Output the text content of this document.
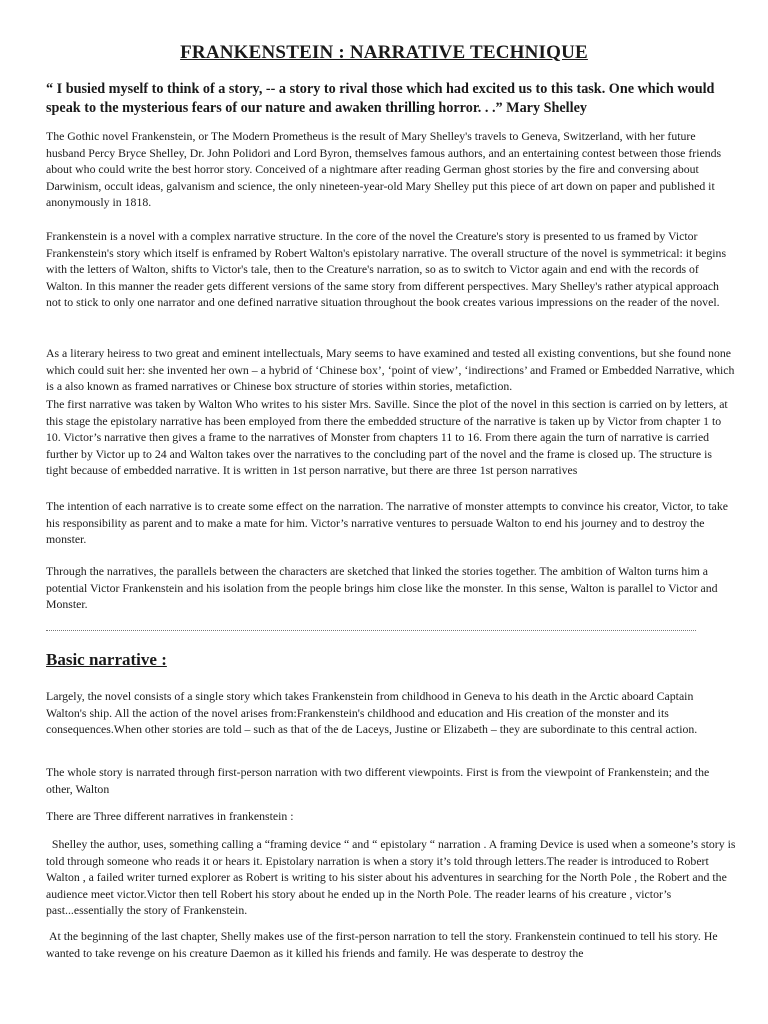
FRANKENSTEIN : NARRATIVE TECHNIQUE

“ I busied myself to think of a story, -- a story to rival those which had excited us to this task. One which would speak to the mysterious fears of our nature and awaken thrilling horror. . .” Mary Shelley

The Gothic novel Frankenstein, or The Modern Prometheus is the result of Mary Shelley's travels to Geneva, Switzerland, with her future husband Percy Bryce Shelley, Dr. John Polidori and Lord Byron, themselves famous authors, and an entertaining contest between those friends about who could write the best horror story. Conceived of a nightmare after reading German ghost stories by the fire and conversing about Darwinism, occult ideas, galvanism and science, the only nineteen-year-old Mary Shelley put this piece of art down on paper and published it anonymously in 1818.

Frankenstein is a novel with a complex narrative structure. In the core of the novel the Creature's story is presented to us framed by Victor Frankenstein's story which itself is enframed by Robert Walton's epistolary narrative. The overall structure of the novel is symmetrical: it begins with the letters of Walton, shifts to Victor's tale, then to the Creature's narration, so as to switch to Victor again and end with the records of Walton. In this manner the reader gets different versions of the same story from different perspectives. Mary Shelley's rather atypical approach not to stick to only one narrator and one defined narrative situation throughout the book creates various impressions on the reader of the novel.

As a literary heiress to two great and eminent intellectuals, Mary seems to have examined and tested all existing conventions, but she found none which could suit her: she invented her own – a hybrid of ‘Chinese box’, ‘point of view’, ‘indirections’ and Framed or Embedded Narrative, which is a also known as framed narratives or Chinese box structure of stories within stories, metafiction.

The first narrative was taken by Walton Who writes to his sister Mrs. Saville. Since the plot of the novel in this section is carried on by letters, at this stage the epistolary narrative has been employed from there the embedded structure of the narrative is taken up by Victor from chapter 1 to 10. Victor’s narrative then gives a frame to the narratives of Monster from chapters 11 to 16. From there again the turn of narrative is carried further by Victor up to 24 and Walton takes over the narratives to the concluding part of the novel and the frame is closed up. The structure is tight because of embedded narrative. It is written in 1st person narrative, but there are three 1st person narratives

The intention of each narrative is to create some effect on the narration. The narrative of monster attempts to convince his creator, Victor, to take his responsibility as parent and to make a mate for him. Victor’s narrative ventures to persuade Walton to end his journey and to destroy the monster.

Through the narratives, the parallels between the characters are sketched that linked the stories together. The ambition of Walton turns him a potential Victor Frankenstein and his isolation from the people brings him close like the monster. In this sense, Walton is parallel to Victor and Monster.

Basic narrative :

Largely, the novel consists of a single story which takes Frankenstein from childhood in Geneva to his death in the Arctic aboard Captain Walton's ship. All the action of the novel arises from:Frankenstein's childhood and education and His creation of the monster and its consequences.When other stories are told – such as that of the de Laceys, Justine or Elizabeth – they are subordinate to this central action.

The whole story is narrated through first-person narration with two different viewpoints. First is from the viewpoint of Frankenstein; and the other, Walton

There are Three different narratives in frankenstein :

Shelley the author, uses, something calling a “framing device “ and “ epistolary “ narration . A framing Device is used when a someone’s story is told through someone who reads it or hears it. Epistolary narration is when a story it’s told through letters.The reader is introduced to Robert Walton , a failed writer turned explorer as Robert is writing to his sister about his adventures in searching for the North Pole , the Robert and the audience meet victor.Victor then tell Robert his story about he ended up in the North Pole. The reader learns of his creature , victor’s past...essentially the story of Frankenstein.

At the beginning of the last chapter, Shelly makes use of the first-person narration to tell the story. Frankenstein continued to tell his story. He wanted to take revenge on his creature Daemon as it killed his friends and family. He was desperate to destroy the
